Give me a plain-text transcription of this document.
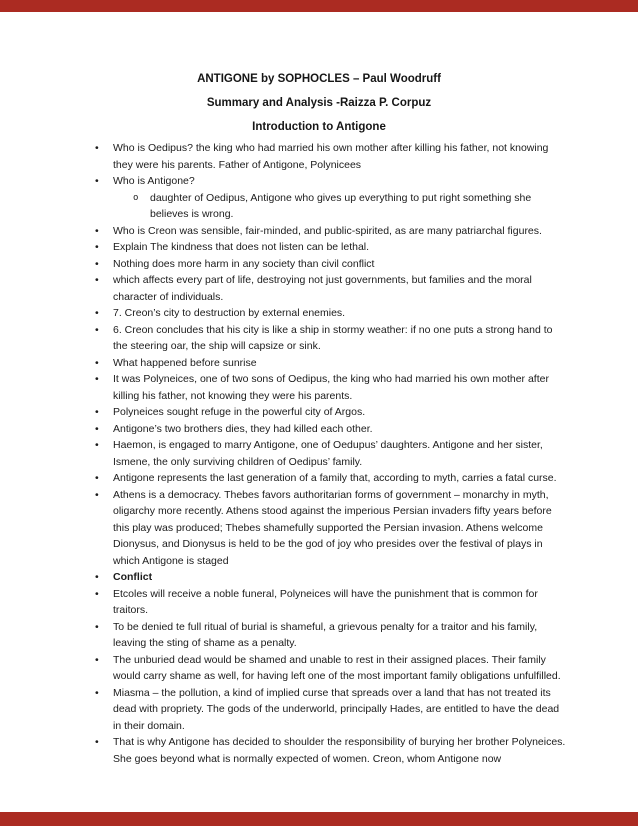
ANTIGONE by SOPHOCLES – Paul Woodruff
Summary and Analysis -Raizza P. Corpuz
Introduction to Antigone
•	Who is Oedipus? the king who had married his own mother after killing his father, not knowing they were his parents. Father of Antigone, Polynicees
•	Who is Antigone?
o	daughter of Oedipus, Antigone who gives up everything to put right something she believes is wrong.
•	Who is Creon was sensible, fair-minded, and public-spirited, as are many patriarchal figures.
•	Explain The kindness that does not listen can be lethal.
•	Nothing does more harm in any society than civil conflict
•	which affects every part of life, destroying not just governments, but families and the moral character of individuals.
•	7. Creon’s city to destruction by external enemies.
•	6. Creon concludes that his city is like a ship in stormy weather: if no one puts a strong hand to the steering oar, the ship will capsize or sink.
•	What happened before sunrise
•	It was Polyneices, one of two sons of Oedipus, the king who had married his own mother after killing his father, not knowing they were his parents.
•	Polyneices sought refuge in the powerful city of Argos.
•	Antigone’s two brothers dies, they had killed each other.
•	Haemon, is engaged to marry Antigone, one of Oedupus’ daughters. Antigone and her sister, Ismene, the only surviving children of Oedipus’ family.
•	Antigone represents the last generation of a family that, according to myth, carries a fatal curse.
•	Athens is a democracy. Thebes favors authoritarian forms of government – monarchy in myth, oligarchy more recently. Athens stood against the imperious Persian invaders fifty years before this play was produced; Thebes shamefully supported the Persian invasion. Athens welcome Dionysus, and Dionysus is held to be the god of joy who presides over the festival of plays in which Antigone is staged
•	Conflict
•	Etcoles will receive a noble funeral, Polyneices will have the punishment that is common for traitors.
•	To be denied te full ritual of burial is shameful, a grievous penalty for a traitor and his family, leaving the sting of shame as a penalty.
•	The unburied dead would be shamed and unable to rest in their assigned places. Their family would carry shame as well, for having left one of the most important family obligations unfulfilled.
•	Miasma – the pollution, a kind of implied curse that spreads over a land that has not treated its dead with propriety. The gods of the underworld, principally Hades, are entitled to have the dead in their domain.
•	That is why Antigone has decided to shoulder the responsibility of burying her brother Polyneices. She goes beyond what is normally expected of women. Creon, whom Antigone now
